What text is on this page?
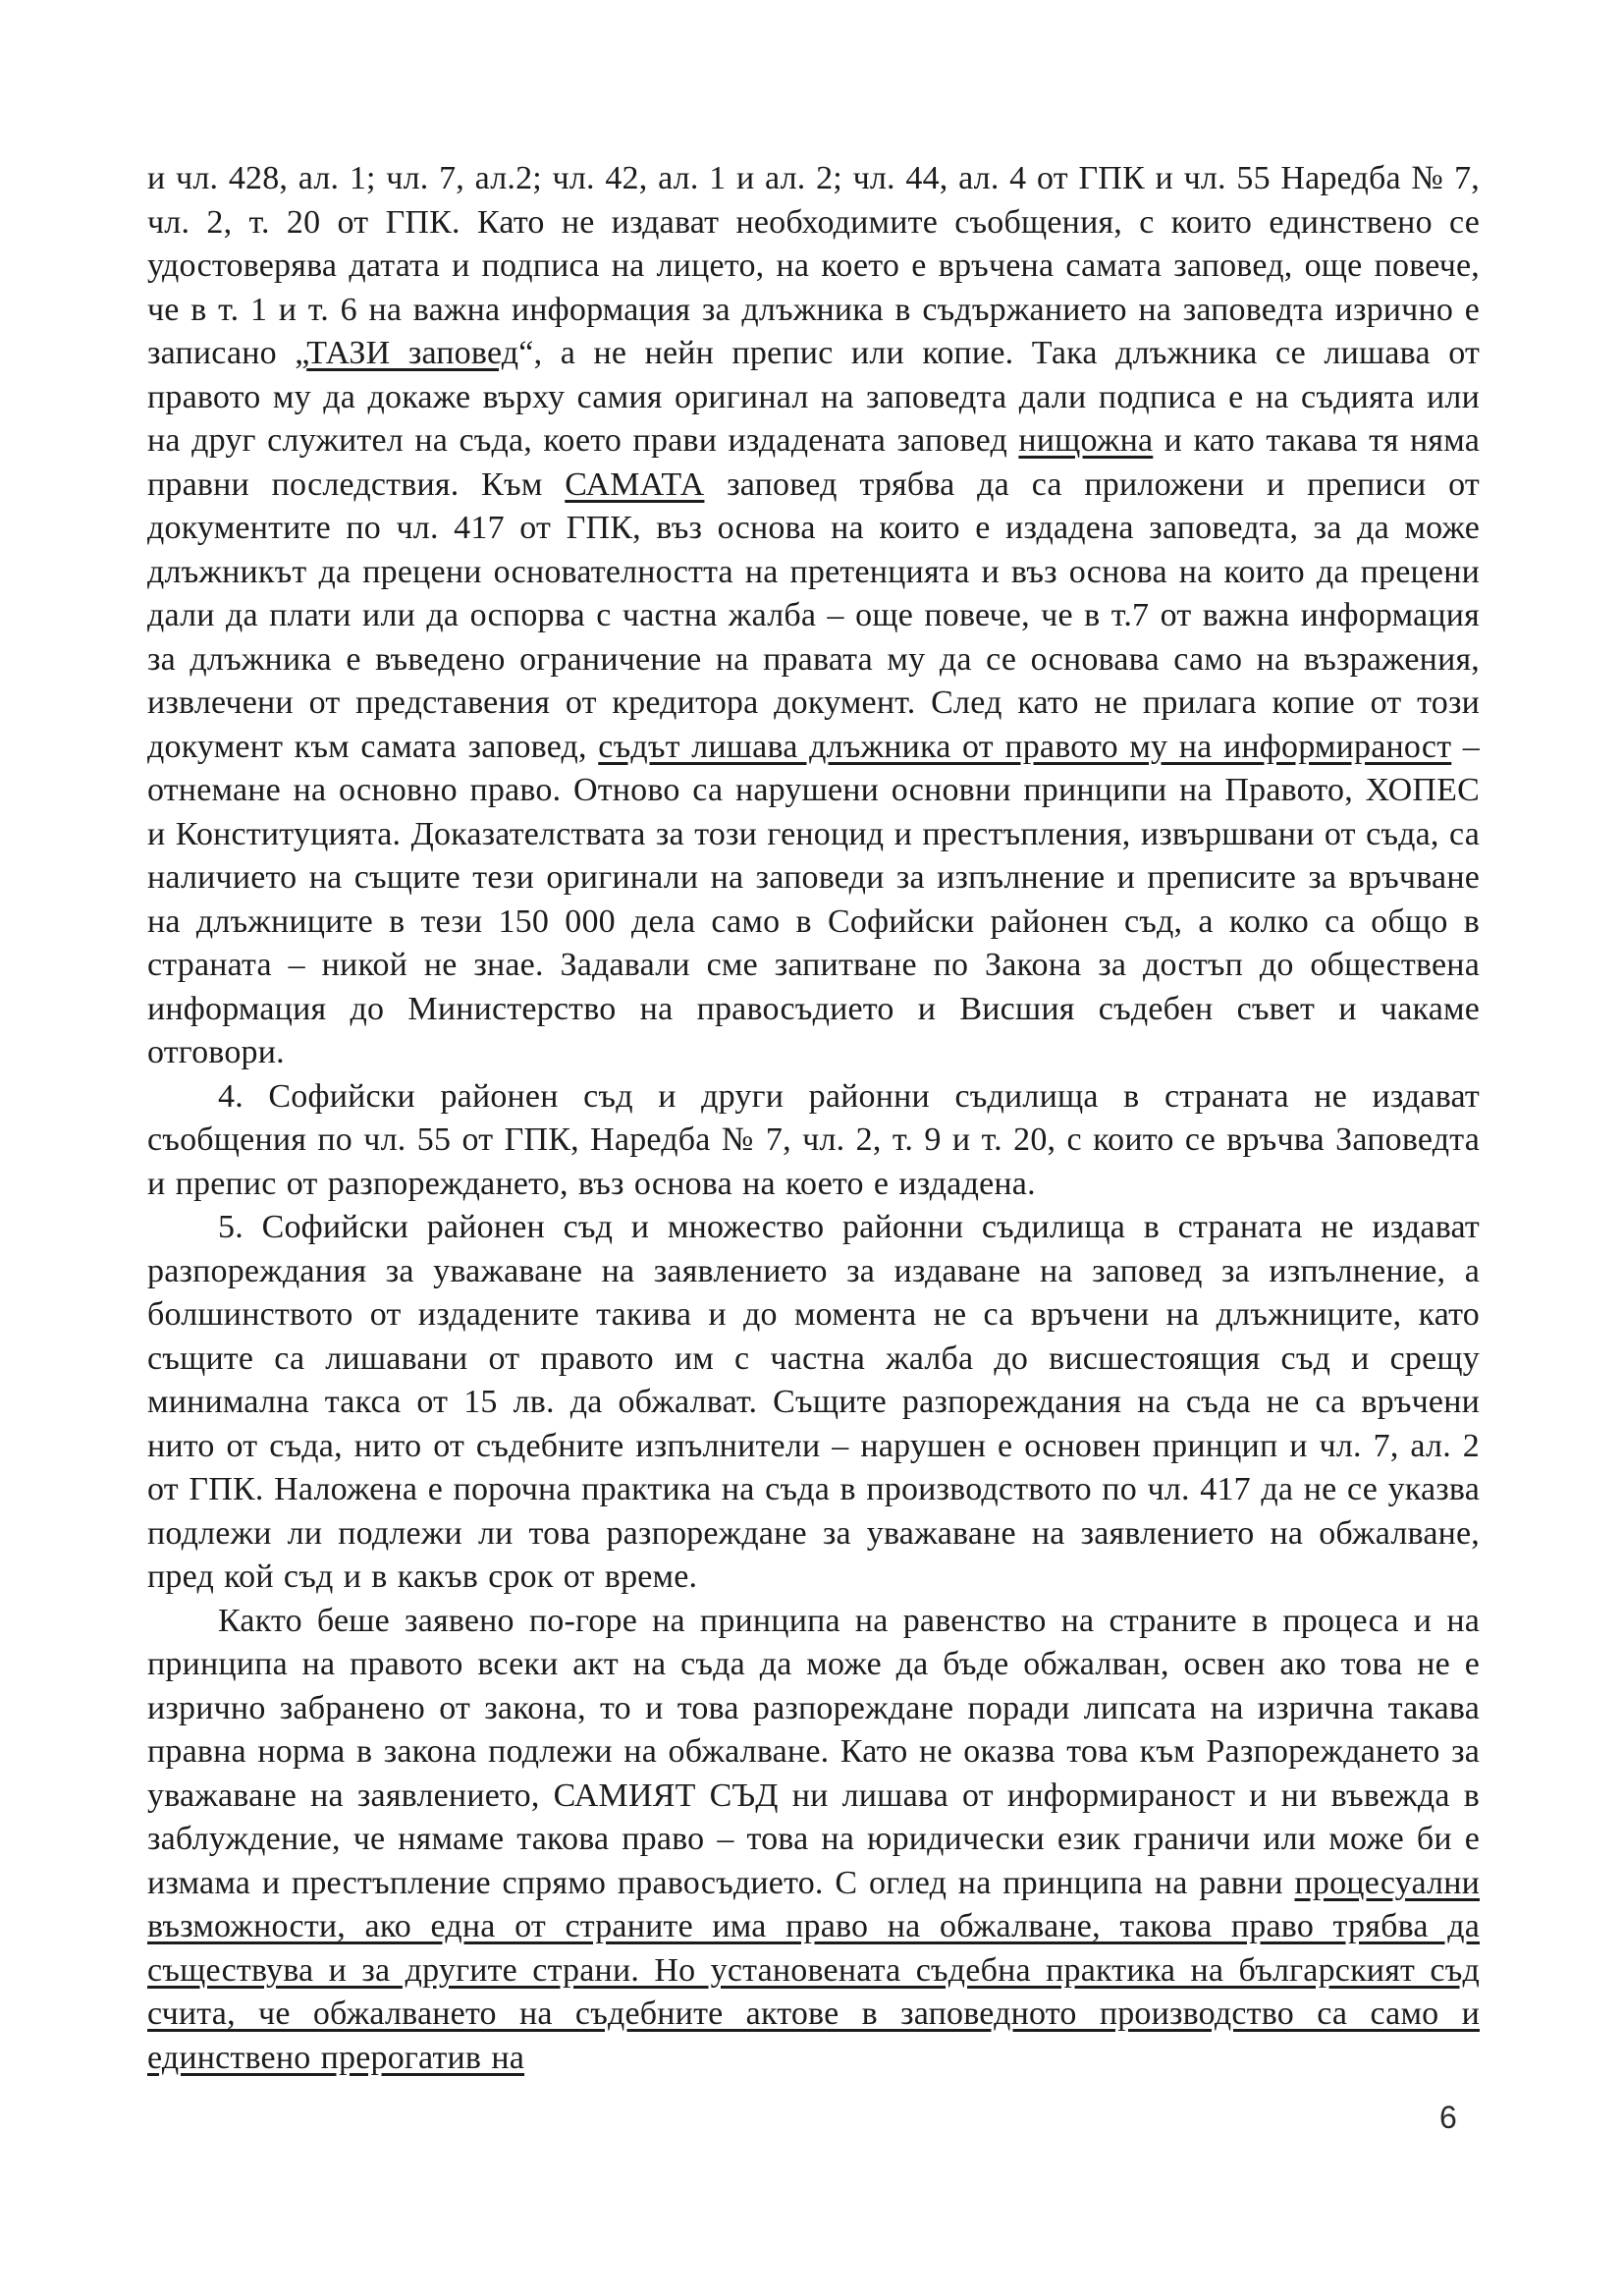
и чл. 428, ал. 1; чл. 7, ал.2; чл. 42, ал. 1 и ал. 2; чл. 44, ал. 4 от ГПК и чл. 55 Наредба № 7, чл. 2, т. 20 от ГПК. Като не издават необходимите съобщения, с които единствено се удостоверява датата и подписа на лицето, на което е връчена самата заповед, още повече, че в т. 1 и т. 6 на важна информация за длъжника в съдържанието на заповедта изрично е записано „ТАЗИ заповед“, а не нейн препис или копие. Така длъжника се лишава от правото му да докаже върху самия оригинал на заповедта дали подписа е на съдията или на друг служител на съда, което прави издадената заповед нищожна и като такава тя няма правни последствия. Към САМАТА заповед трябва да са приложени и преписи от документите по чл. 417 от ГПК, въз основа на които е издадена заповедта, за да може длъжникът да прецени основателността на претенцията и въз основа на които да прецени дали да плати или да оспорва с частна жалба – още повече, че в т.7 от важна информация за длъжника е въведено ограничение на правата му да се основава само на възражения, извлечени от представения от кредитора документ. След като не прилага копие от този документ към самата заповед, съдът лишава длъжника от правото му на информираност – отнемане на основно право. Отново са нарушени основни принципи на Правото, ХОПЕС и Конституцията. Доказателствата за този геноцид и престъпления, извършвани от съда, са наличието на същите тези оригинали на заповеди за изпълнение и преписите за връчване на длъжниците в тези 150 000 дела само в Софийски районен съд, а колко са общо в страната – никой не знае. Задавали сме запитване по Закона за достъп до обществена информация до Министерство на правосъдието и Висшия съдебен съвет и чакаме отговори.

4. Софийски районен съд и други районни съдилища в страната не издават съобщения по чл. 55 от ГПК, Наредба № 7, чл. 2, т. 9 и т. 20, с които се връчва Заповедта и препис от разпореждането, въз основа на което е издадена.

5. Софийски районен съд и множество районни съдилища в страната не издават разпореждания за уважаване на заявлението за издаване на заповед за изпълнение, а болшинството от издадените такива и до момента не са връчени на длъжниците, като същите са лишавани от правото им с частна жалба до висшестоящия съд и срещу минимална такса от 15 лв. да обжалват. Същите разпореждания на съда не са връчени нито от съда, нито от съдебните изпълнители – нарушен е основен принцип и чл. 7, ал. 2 от ГПК. Наложена е порочна практика на съда в производството по чл. 417 да не се указва подлежи ли подлежи ли това разпореждане за уважаване на заявлението на обжалване, пред кой съд и в какъв срок от време.

Както беше заявено по-горе на принципа на равенство на страните в процеса и на принципа на правото всеки акт на съда да може да бъде обжалван, освен ако това не е изрично забранено от закона, то и това разпореждане поради липсата на изрична такава правна норма в закона подлежи на обжалване. Като не оказва това към Разпореждането за уважаване на заявлението, САМИЯТ СЪД ни лишава от информираност и ни въвежда в заблуждение, че нямаме такова право – това на юридически език граничи или може би е измама и престъпление спрямо правосъдието. С оглед на принципа на равни процесуални възможности, ако една от страните има право на обжалване, такова право трябва да съществува и за другите страни. Но установената съдебна практика на българският съд счита, че обжалването на съдебните актове в заповедното производство са само и единствено прерогатив на

6
